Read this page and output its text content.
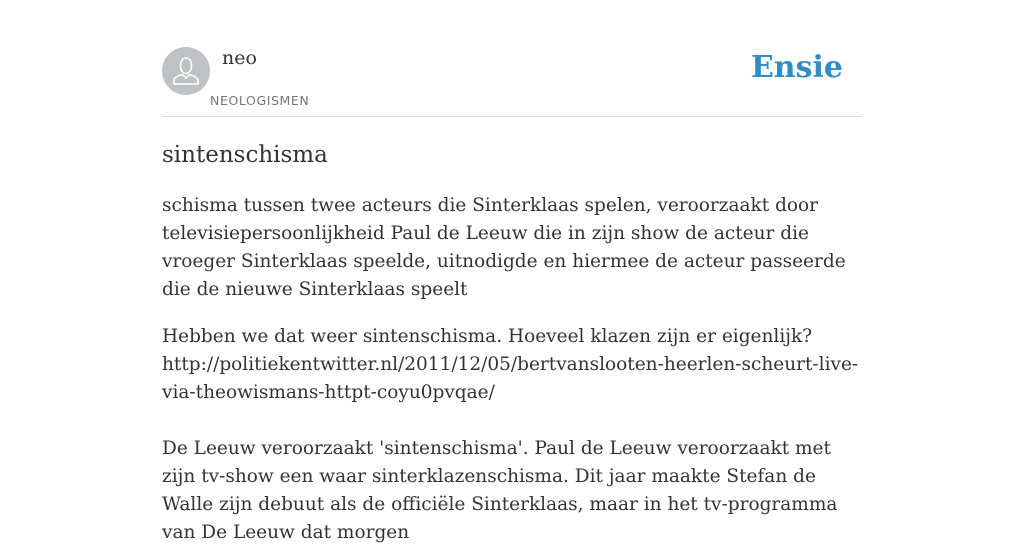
neo
NEOLOGISMEN
Ensie
sintenschisma

schisma tussen twee acteurs die Sinterklaas spelen, veroorzaakt door televisiepersoonlijkheid Paul de Leeuw die in zijn show de acteur die vroeger Sinterklaas speelde, uitnodigde en hiermee de acteur passeerde die de nieuwe Sinterklaas speelt

Hebben we dat weer sintenschisma. Hoeveel klazen zijn er eigenlijk?
http://politiekentwitter.nl/2011/12/05/bertvanslooten-heerlen-scheurt-live-via-theowismans-httpt-coyu0pvqae/

De Leeuw veroorzaakt 'sintenschisma'. Paul de Leeuw veroorzaakt met zijn tv-show een waar sinterklazenschisma. Dit jaar maakte Stefan de Walle zijn debuut als de officiële Sinterklaas, maar in het tv-programma van De Leeuw dat morgen
